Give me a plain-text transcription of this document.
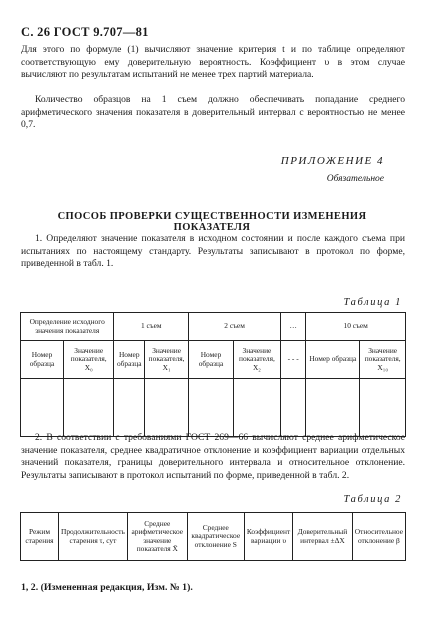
С. 26 ГОСТ 9.707—81
Для этого по формуле (1) вычисляют значение критерия t и по таблице определяют соответствующую ему доверительную вероятность. Коэффициент υ в этом случае вычисляют по результатам испытаний не менее трех партий материала.
Количество образцов на 1 съем должно обеспечивать попадание среднего арифметического значения показателя в доверительный интервал с вероятностью не менее 0,7.
ПРИЛОЖЕНИЕ 4
Обязательное
СПОСОБ ПРОВЕРКИ СУЩЕСТВЕННОСТИ ИЗМЕНЕНИЯ ПОКАЗАТЕЛЯ
1. Определяют значение показателя в исходном состоянии и после каждого съема при испытаниях по настоящему стандарту. Результаты записывают в протокол по форме, приведенной в табл. 1.
Таблица 1
Определение исходного значения показателя		1 съем		2 съем		…	10 съем	
Номер образца	Значение показателя, X₀	Номер образца	Значение показателя, X₁	Номер образца	Значение показателя, X₂	- - -	Номер образца	Значение показателя, X₁₀

2. В соответствии с требованиями ГОСТ 269—66 вычисляют среднее арифметическое значение показателя, среднее квадратичное отклонение и коэффициент вариации отдельных значений показателя, границы доверительного интервала и относительное отклонение. Результаты записывают в протокол испытаний по форме, приведенной в табл. 2.
Таблица 2
Режим старения	Продолжительность старения τ, сут	Среднее арифметическое значение показателя X̄	Среднее квадратическое отклонение S	Коэффициент вариации υ	Доверительный интервал ±ΔX	Относительное отклонение β
1, 2. (Измененная редакция, Изм. № 1).
